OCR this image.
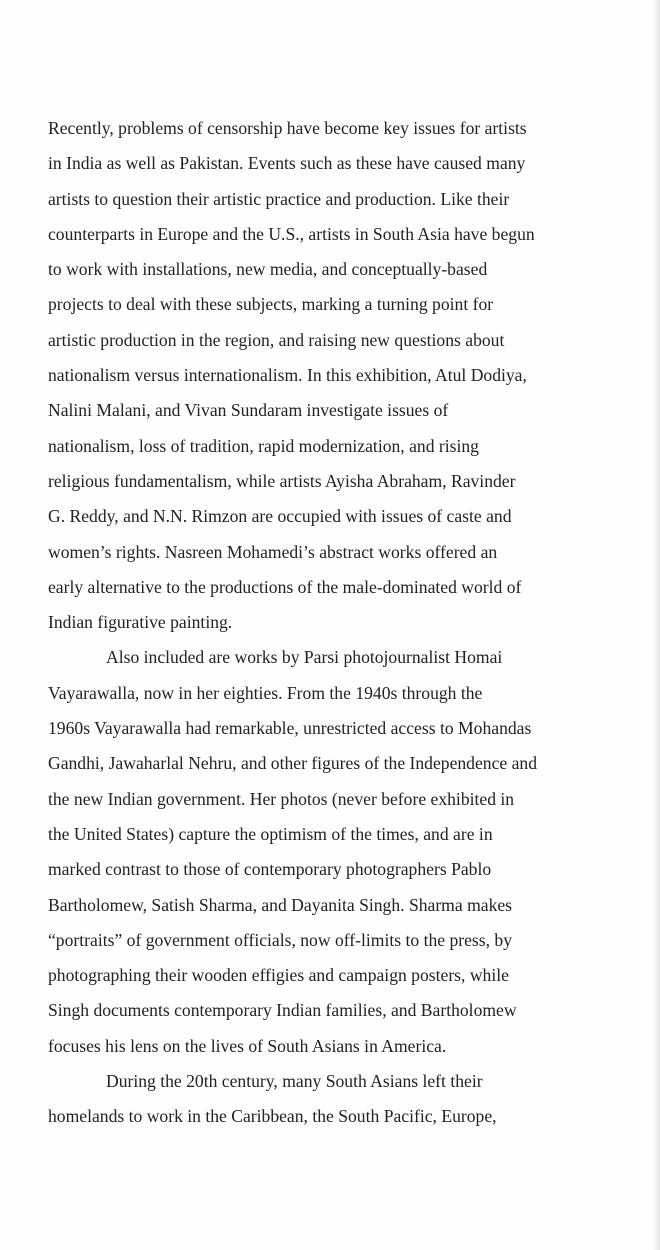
Recently, problems of censorship have become key issues for artists
in India as well as Pakistan. Events such as these have caused many
artists to question their artistic practice and production. Like their
counterparts in Europe and the U.S., artists in South Asia have begun
to work with installations, new media, and conceptually-based
projects to deal with these subjects, marking a turning point for
artistic production in the region, and raising new questions about
nationalism versus internationalism. In this exhibition, Atul Dodiya,
Nalini Malani, and Vivan Sundaram investigate issues of
nationalism, loss of tradition, rapid modernization, and rising
religious fundamentalism, while artists Ayisha Abraham, Ravinder
G. Reddy, and N.N. Rimzon are occupied with issues of caste and
women’s rights. Nasreen Mohamedi’s abstract works offered an
early alternative to the productions of the male-dominated world of
Indian figurative painting.
Also included are works by Parsi photojournalist Homai
Vayarawalla, now in her eighties. From the 1940s through the
1960s Vayarawalla had remarkable, unrestricted access to Mohandas
Gandhi, Jawaharlal Nehru, and other figures of the Independence and
the new Indian government. Her photos (never before exhibited in
the United States) capture the optimism of the times, and are in
marked contrast to those of contemporary photographers Pablo
Bartholomew, Satish Sharma, and Dayanita Singh. Sharma makes
“portraits” of government officials, now off-limits to the press, by
photographing their wooden effigies and campaign posters, while
Singh documents contemporary Indian families, and Bartholomew
focuses his lens on the lives of South Asians in America.
During the 20th century, many South Asians left their
homelands to work in the Caribbean, the South Pacific, Europe,
